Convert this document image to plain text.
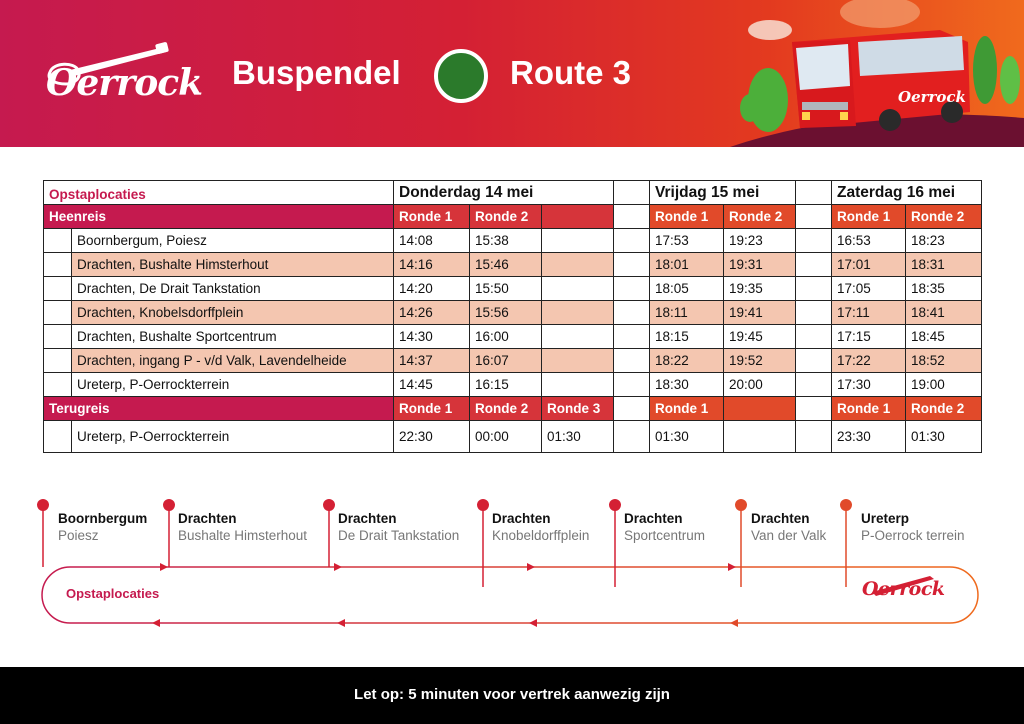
Oerrock Buspendel	Route 3
Oerrock
Opstaplocaties		Donderdag 14 mei				Vrijdag 15 mei			Zaterdag 16 mei	
Heenreis		Ronde 1	Ronde 2			Ronde 1	Ronde 2		Ronde 1	Ronde 2
	Boornbergum, Poiesz	14:08	15:38			17:53	19:23		16:53	18:23
	Drachten, Bushalte Himsterhout	14:16	15:46			18:01	19:31		17:01	18:31
	Drachten, De Drait Tankstation	14:20	15:50			18:05	19:35		17:05	18:35
	Drachten, Knobelsdorffplein	14:26	15:56			18:11	19:41		17:11	18:41
	Drachten, Bushalte Sportcentrum	14:30	16:00			18:15	19:45		17:15	18:45
	Drachten, ingang P - v/d Valk, Lavendelheide	14:37	16:07			18:22	19:52		17:22	18:52
	Ureterp, P-Oerrockterrein	14:45	16:15			18:30	20:00		17:30	19:00
Terugreis		Ronde 1	Ronde 2	Ronde 3		Ronde 1			Ronde 1	Ronde 2
	Ureterp, P-Oerrockterrein	22:30	00:00	01:30		01:30			23:30	01:30
Boornbergum
Poiesz
Drachten
Bushalte Himsterhout
Drachten
De Drait Tankstation
Drachten
Knobeldorffplein
Drachten
Sportcentrum
Drachten
Van der Valk
Ureterp
P-Oerrock terrein
Opstaplocaties	Oerrock
Let op: 5 minuten voor vertrek aanwezig zijn
